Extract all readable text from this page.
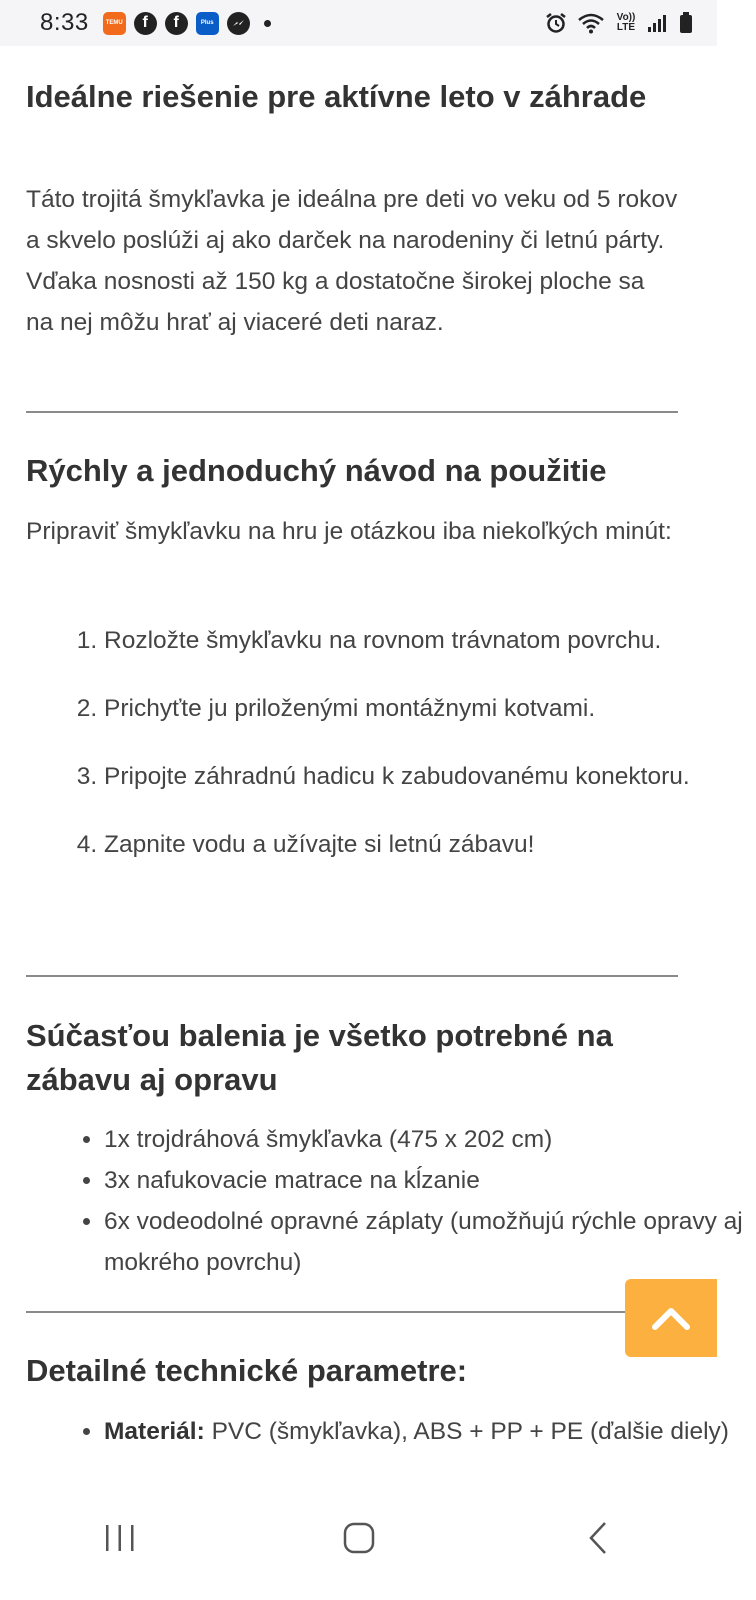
8:33	TEMU	f	f	Plus	Vo)) LTE
Ideálne riešenie pre aktívne leto v záhrade

Táto trojitá šmykľavka je ideálna pre deti vo veku od 5 rokov a skvelo poslúži aj ako darček na narodeniny či letnú párty. Vďaka nosnosti až 150 kg a dostatočne širokej ploche sa na nej môžu hrať aj viaceré deti naraz.

Rýchly a jednoduchý návod na použitie

Pripraviť šmykľavku na hru je otázkou iba niekoľkých minút:

1. Rozložte šmykľavku na rovnom trávnatom povrchu.
2. Prichyťte ju priloženými montážnymi kotvami.
3. Pripojte záhradnú hadicu k zabudovanému konektoru.
4. Zapnite vodu a užívajte si letnú zábavu!
Súčasťou balenia je všetko potrebné na zábavu aj opravu
• 1x trojdráhová šmykľavka (475 x 202 cm)
• 3x nafukovacie matrace na kĺzanie
• 6x vodeodolné opravné záplaty (umožňujú rýchle opravy aj mokrého povrchu)
Detailné technické parametre:
• Materiál: PVC (šmykľavka), ABS + PP + PE (ďalšie diely)
